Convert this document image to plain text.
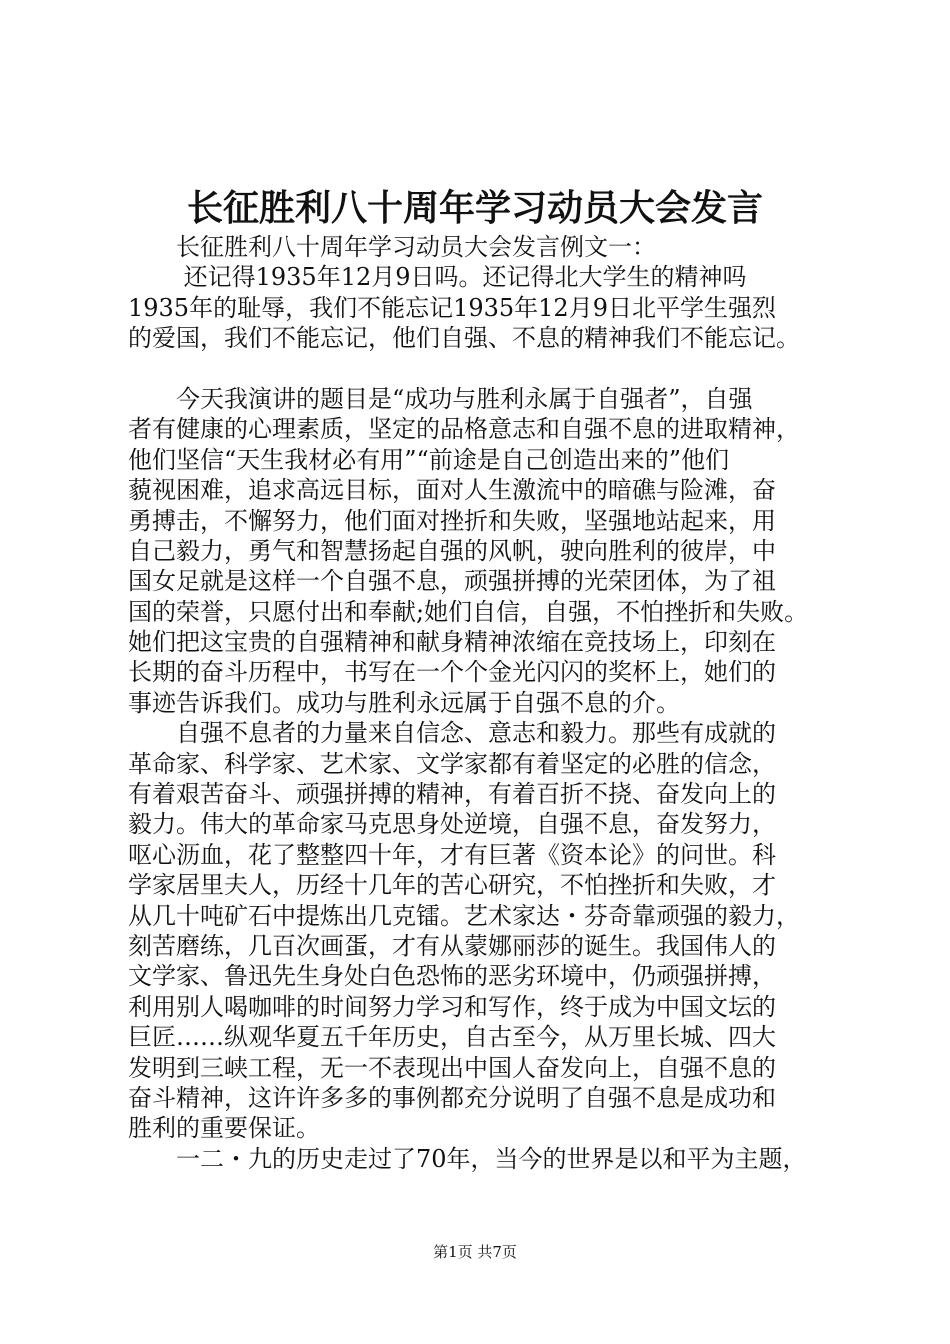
长征胜利八十周年学习动员大会发言
　　长征胜利八十周年学习动员大会发言例文一：
　　 还记得1935年12月9日吗。还记得北大学生的精神吗
1935年的耻辱，我们不能忘记1935年12月9日北平学生强烈
的爱国，我们不能忘记，他们自强、不息的精神我们不能忘记。
　　今天我演讲的题目是“成功与胜利永属于自强者”，自强
者有健康的心理素质，坚定的品格意志和自强不息的进取精神，
他们坚信“天生我材必有用”“前途是自己创造出来的”他们
藐视困难，追求高远目标，面对人生激流中的暗礁与险滩，奋
勇搏击，不懈努力，他们面对挫折和失败，坚强地站起来，用
自己毅力，勇气和智慧扬起自强的风帆，驶向胜利的彼岸，中
国女足就是这样一个自强不息，顽强拼搏的光荣团体，为了祖
国的荣誉，只愿付出和奉献;她们自信，自强，不怕挫折和失败。
她们把这宝贵的自强精神和献身精神浓缩在竞技场上，印刻在
长期的奋斗历程中，书写在一个个金光闪闪的奖杯上，她们的
事迹告诉我们。成功与胜利永远属于自强不息的介。
　　自强不息者的力量来自信念、意志和毅力。那些有成就的
革命家、科学家、艺术家、文学家都有着坚定的必胜的信念，
有着艰苦奋斗、顽强拼搏的精神，有着百折不挠、奋发向上的
毅力。伟大的革命家马克思身处逆境，自强不息，奋发努力，
呕心沥血，花了整整四十年，才有巨著《资本论》的问世。科
学家居里夫人，历经十几年的苦心研究，不怕挫折和失败，才
从几十吨矿石中提炼出几克镭。艺术家达・芬奇靠顽强的毅力，
刻苦磨练，几百次画蛋，才有从蒙娜丽莎的诞生。我国伟人的
文学家、鲁迅先生身处白色恐怖的恶劣环境中，仍顽强拼搏，
利用别人喝咖啡的时间努力学习和写作，终于成为中国文坛的
巨匠……纵观华夏五千年历史，自古至今，从万里长城、四大
发明到三峡工程，无一不表现出中国人奋发向上，自强不息的
奋斗精神，这许许多多的事例都充分说明了自强不息是成功和
胜利的重要保证。
　　一二・九的历史走过了70年，当今的世界是以和平为主题，
第1页 共7页
